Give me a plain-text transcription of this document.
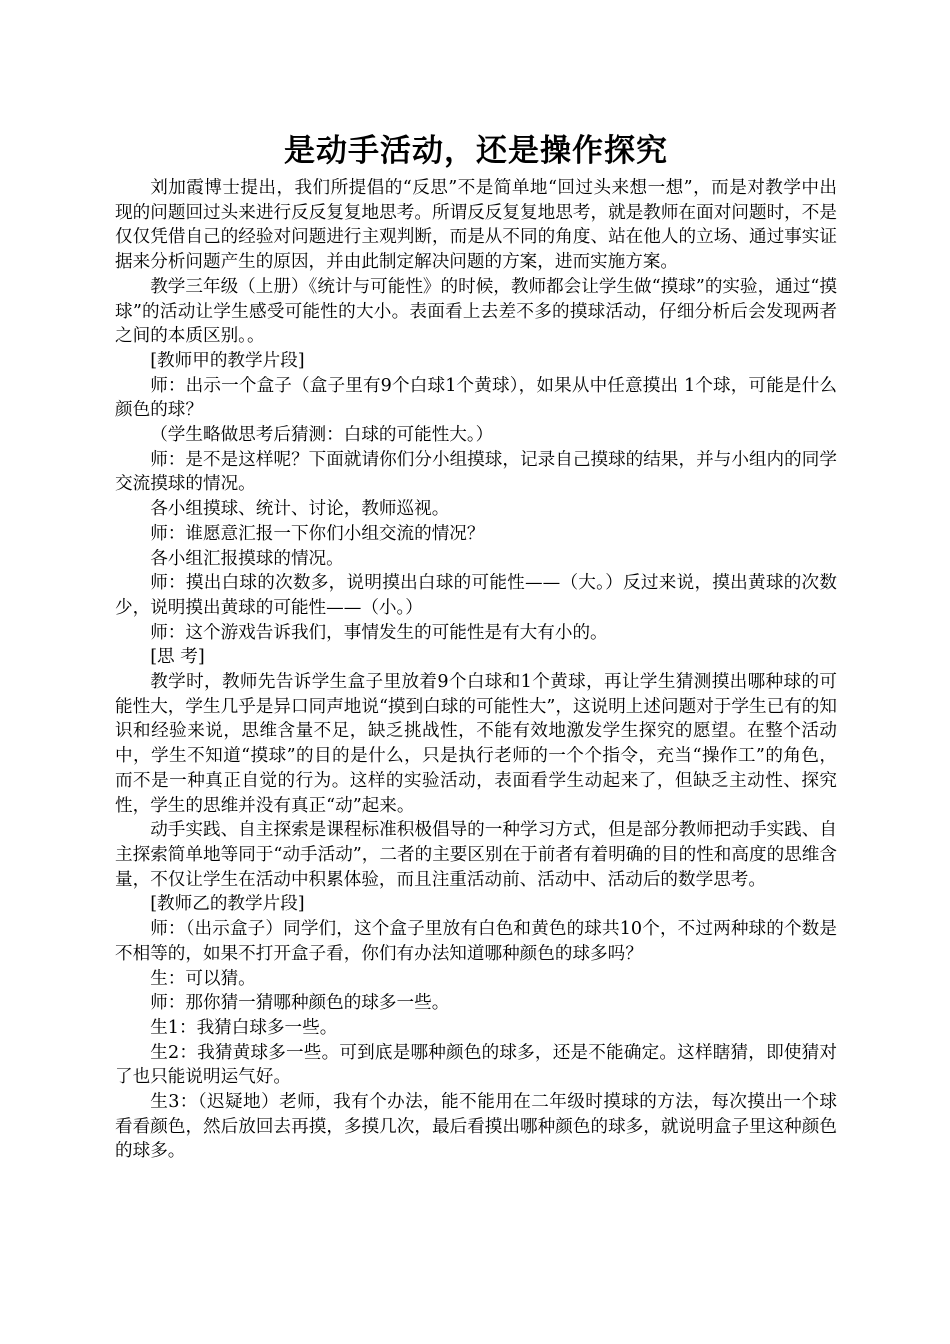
是动手活动，还是操作探究

刘加霞博士提出，我们所提倡的“反思”不是简单地“回过头来想一想”，而是对教学中出现的问题回过头来进行反反复复地思考。所谓反反复复地思考，就是教师在面对问题时，不是仅仅凭借自己的经验对问题进行主观判断，而是从不同的角度、站在他人的立场、通过事实证据来分析问题产生的原因，并由此制定解决问题的方案，进而实施方案。

教学三年级（上册）《统计与可能性》的时候，教师都会让学生做“摸球”的实验，通过“摸球”的活动让学生感受可能性的大小。表面看上去差不多的摸球活动，仔细分析后会发现两者之间的本质区别。。

[教师甲的教学片段]

师：出示一个盒子（盒子里有9个白球1个黄球），如果从中任意摸出 1个球，可能是什么颜色的球？

（学生略做思考后猜测：白球的可能性大。）

师：是不是这样呢？下面就请你们分小组摸球，记录自己摸球的结果，并与小组内的同学交流摸球的情况。

各小组摸球、统计、讨论，教师巡视。

师：谁愿意汇报一下你们小组交流的情况？

各小组汇报摸球的情况。

师：摸出白球的次数多，说明摸出白球的可能性——（大。）反过来说，摸出黄球的次数少，说明摸出黄球的可能性——（小。）

师：这个游戏告诉我们，事情发生的可能性是有大有小的。

[思 考]

教学时，教师先告诉学生盒子里放着9个白球和1个黄球，再让学生猜测摸出哪种球的可能性大，学生几乎是异口同声地说“摸到白球的可能性大”，这说明上述问题对于学生已有的知识和经验来说，思维含量不足，缺乏挑战性，不能有效地激发学生探究的愿望。在整个活动中，学生不知道“摸球”的目的是什么，只是执行老师的一个个指令，充当“操作工”的角色，而不是一种真正自觉的行为。这样的实验活动，表面看学生动起来了，但缺乏主动性、探究性，学生的思维并没有真正“动”起来。

动手实践、自主探索是课程标准积极倡导的一种学习方式，但是部分教师把动手实践、自主探索简单地等同于“动手活动”，二者的主要区别在于前者有着明确的目的性和高度的思维含量，不仅让学生在活动中积累体验，而且注重活动前、活动中、活动后的数学思考。

[教师乙的教学片段]

师：（出示盒子）同学们，这个盒子里放有白色和黄色的球共10个，不过两种球的个数是不相等的，如果不打开盒子看，你们有办法知道哪种颜色的球多吗？

生：可以猜。

师：那你猜一猜哪种颜色的球多一些。

生1：我猜白球多一些。

生2：我猜黄球多一些。可到底是哪种颜色的球多，还是不能确定。这样瞎猜，即使猜对了也只能说明运气好。

生3：（迟疑地）老师，我有个办法，能不能用在二年级时摸球的方法，每次摸出一个球看看颜色，然后放回去再摸，多摸几次，最后看摸出哪种颜色的球多，就说明盒子里这种颜色的球多。
